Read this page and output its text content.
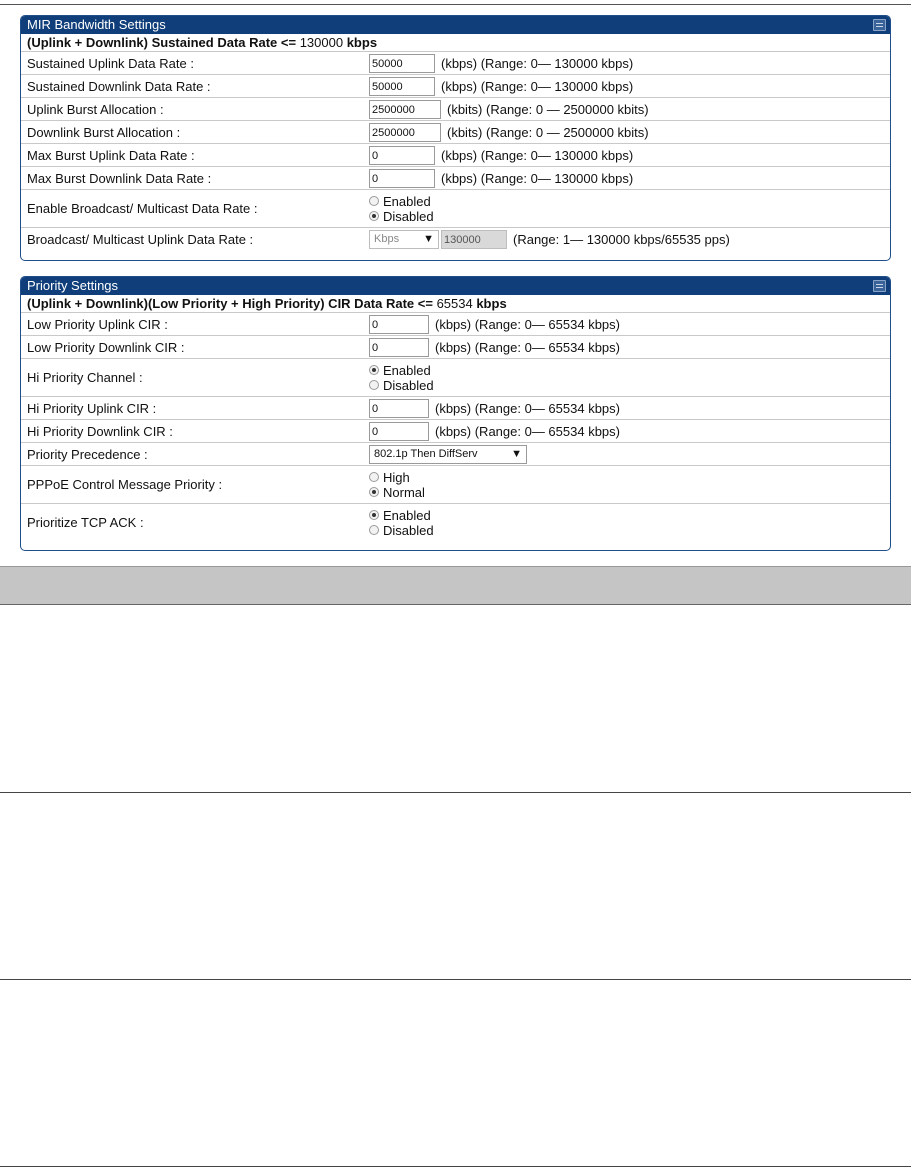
MIR Bandwidth Settings
(Uplink + Downlink) Sustained Data Rate <= 130000 kbps
Sustained Uplink Data Rate :	50000	(kbps) (Range: 0— 130000 kbps)
Sustained Downlink Data Rate :	50000	(kbps) (Range: 0— 130000 kbps)
Uplink Burst Allocation :	2500000	(kbits) (Range: 0 — 2500000 kbits)
Downlink Burst Allocation :	2500000	(kbits) (Range: 0 — 2500000 kbits)
Max Burst Uplink Data Rate :	0	(kbps) (Range: 0— 130000 kbps)
Max Burst Downlink Data Rate :	0	(kbps) (Range: 0— 130000 kbps)
Enable Broadcast/ Multicast Data Rate :	Enabled
Disabled
Broadcast/ Multicast Uplink Data Rate :	Kbps ▼ 130000	(Range: 1— 130000 kbps/65535 pps)
Priority Settings
(Uplink + Downlink)(Low Priority + High Priority) CIR Data Rate <= 65534 kbps
Low Priority Uplink CIR :	0	(kbps) (Range: 0— 65534 kbps)
Low Priority Downlink CIR :	0	(kbps) (Range: 0— 65534 kbps)
Hi Priority Channel :	Enabled
Disabled
Hi Priority Uplink CIR :	0	(kbps) (Range: 0— 65534 kbps)
Hi Priority Downlink CIR :	0	(kbps) (Range: 0— 65534 kbps)
Priority Precedence :	802.1p Then DiffServ	▼
PPPoE Control Message Priority :	High
Normal
Prioritize TCP ACK :	Enabled
Disabled
